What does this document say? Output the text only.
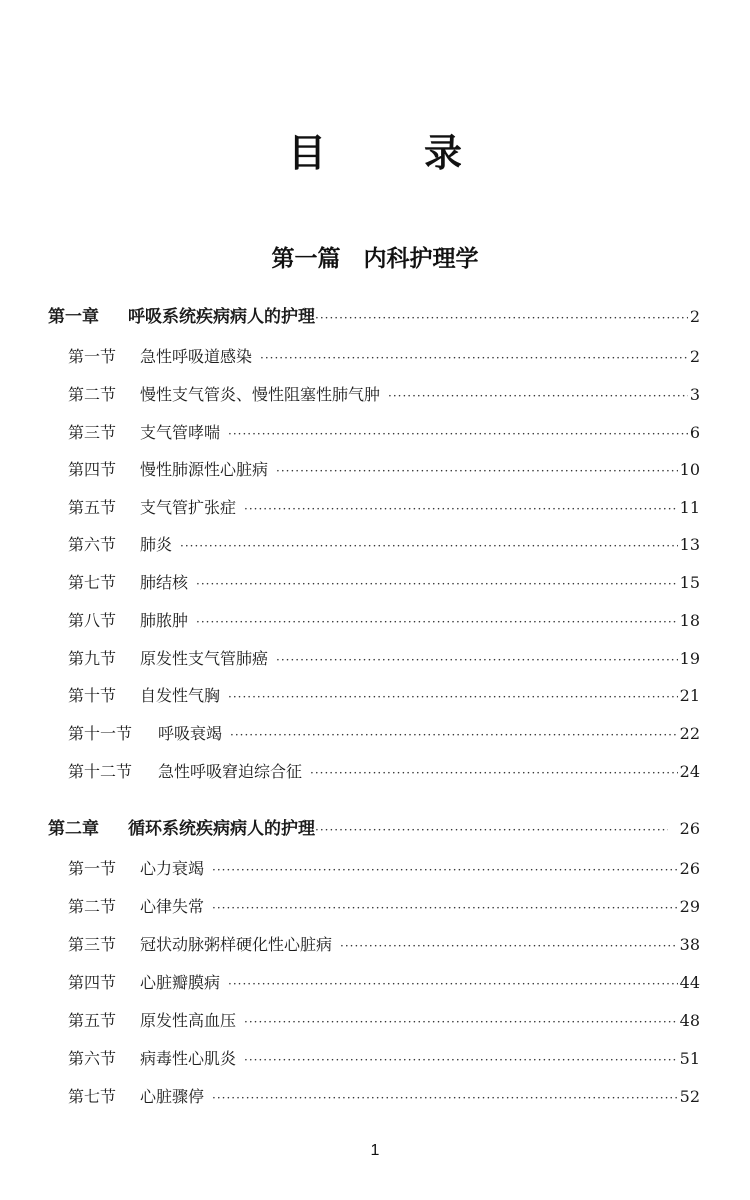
目　录
第一篇　内科护理学
第一章	呼吸系统疾病病人的护理 ·····	2
第一节	急性呼吸道感染 ·····	2
第二节	慢性支气管炎、慢性阻塞性肺气肿 ·····	3
第三节	支气管哮喘 ·····	6
第四节	慢性肺源性心脏病 ·····	10
第五节	支气管扩张症 ·····	11
第六节	肺炎 ·····	13
第七节	肺结核 ·····	15
第八节	肺脓肿 ·····	18
第九节	原发性支气管肺癌 ·····	19
第十节	自发性气胸 ·····	21
第十一节	呼吸衰竭 ·····	22
第十二节	急性呼吸窘迫综合征 ·····	24
第二章	循环系统疾病病人的护理 ·····	26
第一节	心力衰竭 ·····	26
第二节	心律失常 ·····	29
第三节	冠状动脉粥样硬化性心脏病 ·····	38
第四节	心脏瓣膜病 ·····	44
第五节	原发性高血压 ·····	48
第六节	病毒性心肌炎 ·····	51
第七节	心脏骤停 ·····	52
1
